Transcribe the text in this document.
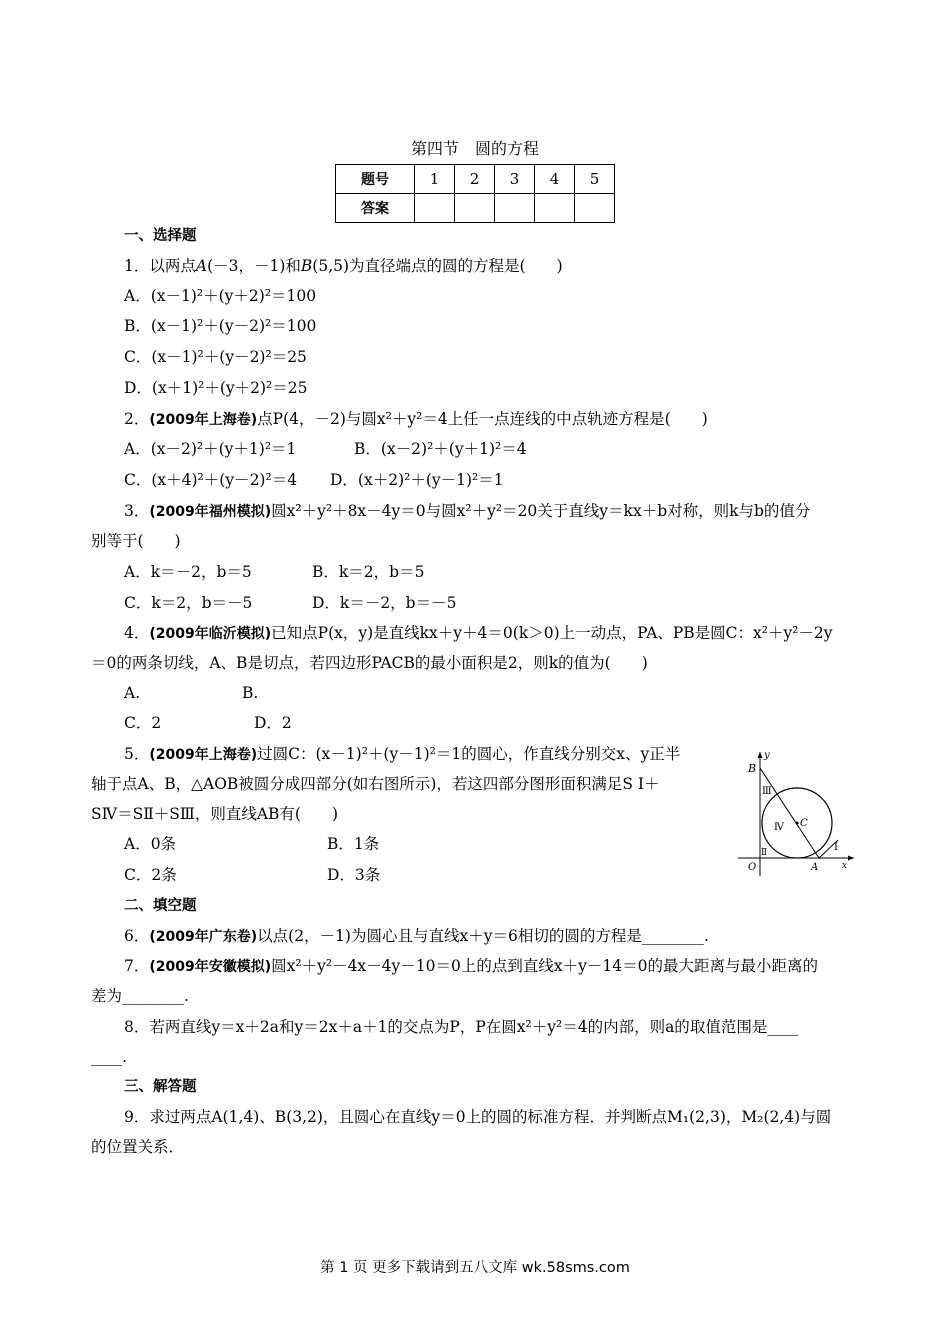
第四节　圆的方程
题号	1	2	3	4	5
答案					
一、选择题
1．以两点A(－3，－1)和B(5,5)为直径端点的圆的方程是(　　)
A．(x－1)²＋(y＋2)²＝100
B．(x－1)²＋(y－2)²＝100
C．(x－1)²＋(y－2)²＝25
D．(x＋1)²＋(y＋2)²＝25
2．(2009年上海卷)点P(4，－2)与圆x²＋y²＝4上任一点连线的中点轨迹方程是(　　)
A．(x－2)²＋(y＋1)²＝1	B．(x－2)²＋(y＋1)²＝4
C．(x＋4)²＋(y－2)²＝4 D．(x＋2)²＋(y－1)²＝1
3．(2009年福州模拟)圆x²＋y²＋8x－4y＝0与圆x²＋y²＝20关于直线y＝kx＋b对称，则k与b的值分
别等于(　　)
A．k＝－2，b＝5	B．k＝2，b＝5
C．k＝2，b＝－5	D．k＝－2，b＝－5
4．(2009年临沂模拟)已知点P(x，y)是直线kx＋y＋4＝0(k＞0)上一动点，PA、PB是圆C：x²＋y²－2y
＝0的两条切线，A、B是切点，若四边形PACB的最小面积是2，则k的值为(　　)
A.	B.
C．2	D．2
5．(2009年上海卷)过圆C：(x－1)²＋(y－1)²＝1的圆心，作直线分别交x、y正半
轴于点A、B，△AOB被圆分成四部分(如右图所示)，若这四部分图形面积满足S Ⅰ＋
SⅣ＝SⅡ＋SⅢ，则直线AB有(　　)
A．0条	B．1条
C．2条	D．3条
B
y
Ⅲ
Ⅳ C
Ⅰ
Ⅱ
O	A	x
二、填空题
6．(2009年广东卷)以点(2，－1)为圆心且与直线x＋y＝6相切的圆的方程是________.
7．(2009年安徽模拟)圆x²＋y²－4x－4y－10＝0上的点到直线x＋y－14＝0的最大距离与最小距离的
差为________.
8．若两直线y＝x＋2a和y＝2x＋a＋1的交点为P，P在圆x²＋y²＝4的内部，则a的取值范围是____
____.
三、解答题
9．求过两点A(1,4)、B(3,2)，且圆心在直线y＝0上的圆的标准方程．并判断点M₁(2,3)，M₂(2,4)与圆
的位置关系．
第 1 页 更多下载请到五八文库 wk.58sms.com
